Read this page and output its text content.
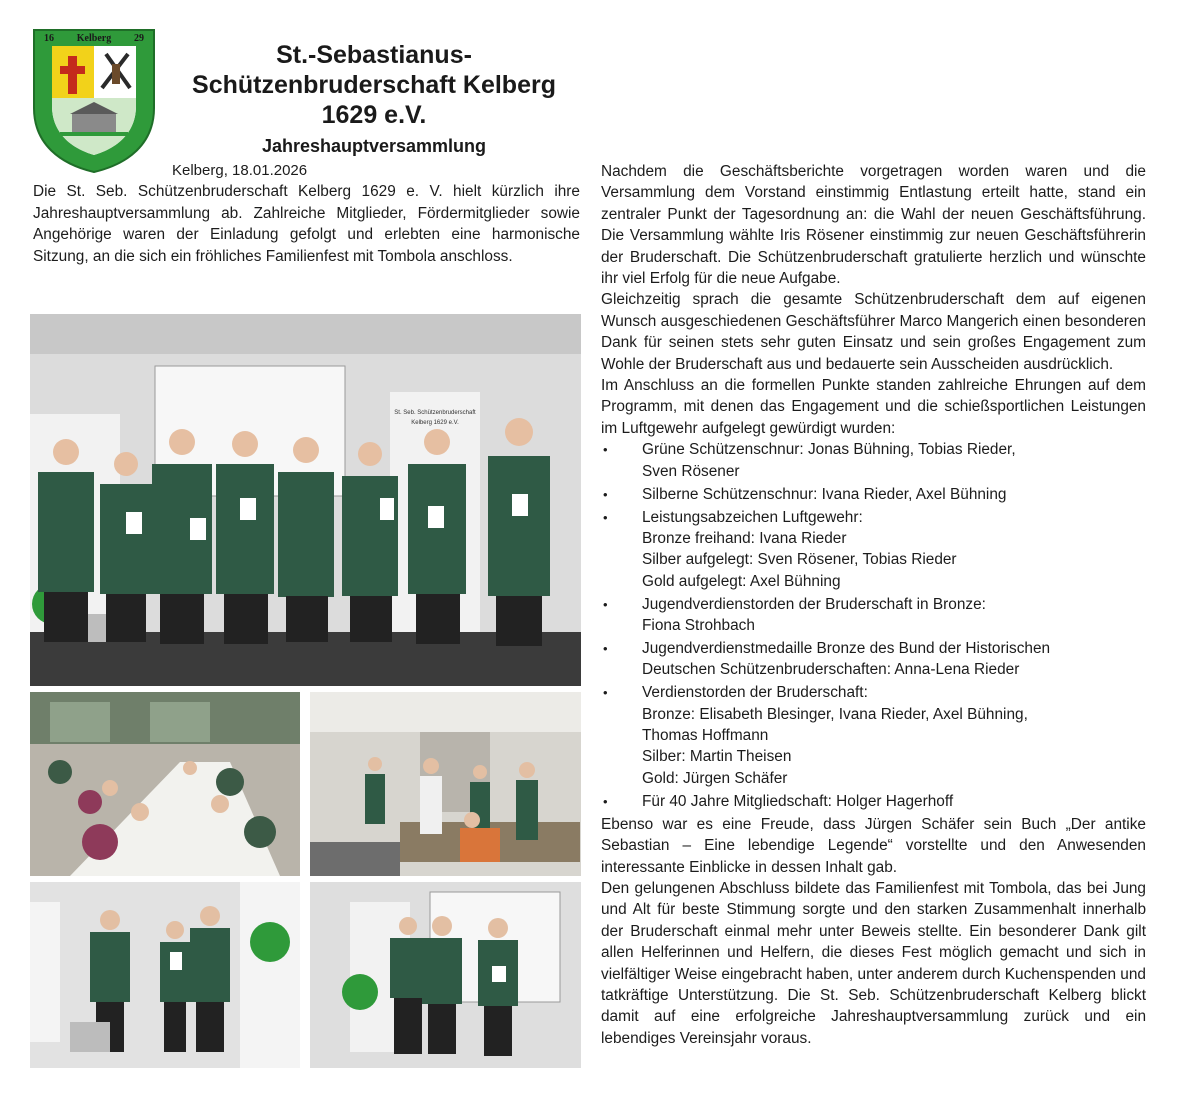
16 Kelberg 29
St.-Sebastianus-
Schützenbruderschaft Kelberg
1629 e.V.
Jahreshauptversammlung
Kelberg, 18.01.2026
Die St. Seb. Schützenbruderschaft Kelberg 1629 e. V. hielt kürzlich ihre Jahreshauptversammlung ab. Zahlreiche Mitglieder, Fördermitglieder sowie Angehörige waren der Einladung gefolgt und erlebten eine harmonische Sitzung, an die sich ein fröhliches Familienfest mit Tombola anschloss.
St. Seb. Schützenbruderschaft
Kelberg 1629 e.V.

Nachdem die Geschäftsberichte vorgetragen worden waren und die Versammlung dem Vorstand einstimmig Entlastung erteilt hatte, stand ein zentraler Punkt der Tagesordnung an: die Wahl der neuen Geschäftsführung. Die Versammlung wählte Iris Rösener einstimmig zur neuen Geschäftsführerin der Bruderschaft. Die Schützenbruderschaft gratulierte herzlich und wünschte ihr viel Erfolg für die neue Aufgabe.

Gleichzeitig sprach die gesamte Schützenbruderschaft dem auf eigenen Wunsch ausgeschiedenen Geschäftsführer Marco Mangerich einen besonderen Dank für seinen stets sehr guten Einsatz und sein großes Engagement zum Wohle der Bruderschaft aus und bedauerte sein Ausscheiden ausdrücklich.

Im Anschluss an die formellen Punkte standen zahlreiche Ehrungen auf dem Programm, mit denen das Engagement und die schießsportlichen Leistungen im Luftgewehr aufgelegt gewürdigt wurden:

• Grüne Schützenschnur: Jonas Bühning, Tobias Rieder,
Sven Rösener
• Silberne Schützenschnur: Ivana Rieder, Axel Bühning
• Leistungsabzeichen Luftgewehr:
Bronze freihand: Ivana Rieder
Silber aufgelegt: Sven Rösener, Tobias Rieder
Gold aufgelegt: Axel Bühning
• Jugendverdienstorden der Bruderschaft in Bronze:
Fiona Strohbach
• Jugendverdienstmedaille Bronze des Bund der Historischen
Deutschen Schützenbruderschaften: Anna-Lena Rieder
• Verdienstorden der Bruderschaft:
Bronze: Elisabeth Blesinger, Ivana Rieder, Axel Bühning,
Thomas Hoffmann
Silber: Martin Theisen
Gold: Jürgen Schäfer
• Für 40 Jahre Mitgliedschaft: Holger Hagerhoff

Ebenso war es eine Freude, dass Jürgen Schäfer sein Buch „Der antike Sebastian – Eine lebendige Legende“ vorstellte und den Anwesenden interessante Einblicke in dessen Inhalt gab.

Den gelungenen Abschluss bildete das Familienfest mit Tombola, das bei Jung und Alt für beste Stimmung sorgte und den starken Zusammenhalt innerhalb der Bruderschaft einmal mehr unter Beweis stellte. Ein besonderer Dank gilt allen Helferinnen und Helfern, die dieses Fest möglich gemacht und sich in vielfältiger Weise eingebracht haben, unter anderem durch Kuchenspenden und tatkräftige Unterstützung. Die St. Seb. Schützenbruderschaft Kelberg blickt damit auf eine erfolgreiche Jahreshauptversammlung zurück und ein lebendiges Vereinsjahr voraus.
